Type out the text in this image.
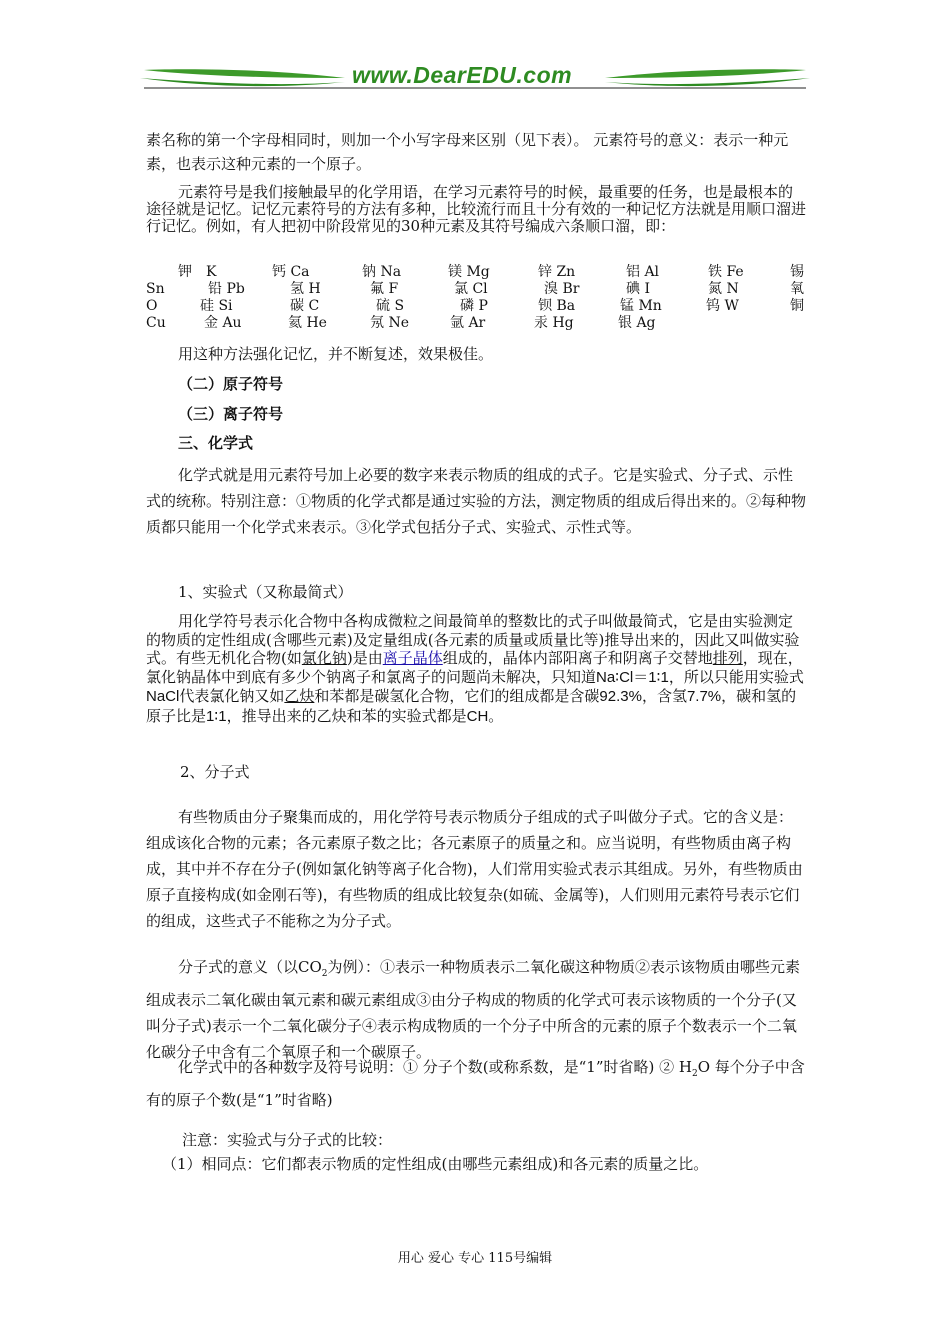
www.DearEDU.com

素名称的第一个字母相同时，则加一个小写字母来区别（见下表）。 元素符号的意义：表示一种元素，也表示这种元素的一个原子。

元素符号是我们接触最早的化学用语，在学习元素符号的时候，最重要的任务，也是最根本的途径就是记忆。记忆元素符号的方法有多种，比较流行而且十分有效的一种记忆方法就是用顺口溜进行记忆。例如，有人把初中阶段常见的30种元素及其符号编成六条顺口溜，即：

钾　K	钙 Ca	钠 Na	镁 Mg	锌 Zn	铝 Al	铁 Fe	锡
Sn	铅 Pb	氢 H	氟 F	氯 Cl	溴 Br	碘 I	氮 N	氧
O	硅 Si	碳 C	硫 S	磷 P	钡 Ba	锰 Mn	钨 W	铜
Cu	金 Au	氦 He	氖 Ne	氩 Ar	汞 Hg	银 Ag

用这种方法强化记忆，并不断复述，效果极佳。

（二）原子符号

（三）离子符号

三、化学式

化学式就是用元素符号加上必要的数字来表示物质的组成的式子。它是实验式、分子式、示性式的统称。特别注意：①物质的化学式都是通过实验的方法，测定物质的组成后得出来的。②每种物质都只能用一个化学式来表示。③化学式包括分子式、实验式、示性式等。

1、实验式（又称最简式）

用化学符号表示化合物中各构成微粒之间最简单的整数比的式子叫做最简式，它是由实验测定的物质的定性组成(含哪些元素)及定量组成(各元素的质量或质量比等)推导出来的，因此又叫做实验式。有些无机化合物(如氯化钠)是由离子晶体组成的，晶体内部阳离子和阴离子交替地排列，现在，氯化钠晶体中到底有多少个钠离子和氯离子的问题尚未解决，只知道Na∶Cl＝1∶1，所以只能用实验式NaCl代表氯化钠又如乙炔和苯都是碳氢化合物，它们的组成都是含碳92.3%，含氢7.7%，碳和氢的原子比是1∶1，推导出来的乙炔和苯的实验式都是CH。

2、分子式

有些物质由分子聚集而成的，用化学符号表示物质分子组成的式子叫做分子式。它的含义是：组成该化合物的元素；各元素原子数之比；各元素原子的质量之和。应当说明，有些物质由离子构成，其中并不存在分子(例如氯化钠等离子化合物)，人们常用实验式表示其组成。另外，有些物质由原子直接构成(如金刚石等)，有些物质的组成比较复杂(如硫、金属等)，人们则用元素符号表示它们的组成，这些式子不能称之为分子式。

分子式的意义（以$CO_2$为例）：①表示一种物质表示二氧化碳这种物质②表示该物质由哪些元素组成表示二氧化碳由氧元素和碳元素组成③由分子构成的物质的化学式可表示该物质的一个分子(又叫分子式)表示一个二氧化碳分子④表示构成物质的一个分子中所含的元素的原子个数表示一个二氧化碳分子中含有二个氧原子和一个碳原子。

化学式中的各种数字及符号说明：① 分子个数(或称系数，是“1”时省略) ② $H_2O$ 每个分子中含有的原子个数(是“1”时省略)

注意：实验式与分子式的比较：

（1）相同点：它们都表示物质的定性组成(由哪些元素组成)和各元素的质量之比。

用心 爱心 专心 115号编辑
